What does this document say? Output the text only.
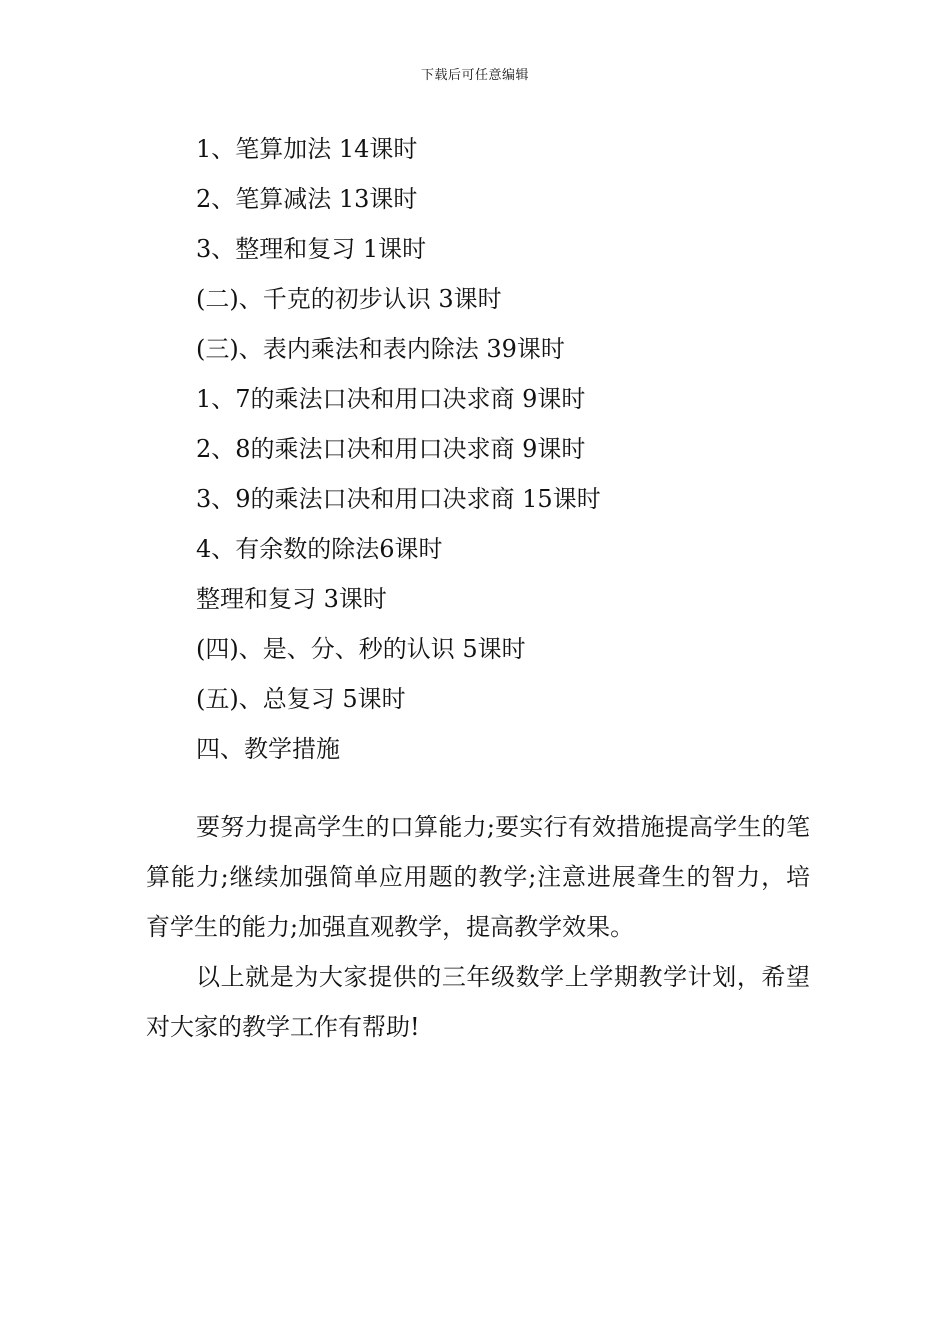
下载后可任意编辑
1、笔算加法 14课时
2、笔算减法 13课时
3、整理和复习 1课时
(二)、千克的初步认识 3课时
(三)、表内乘法和表内除法 39课时
1、7的乘法口决和用口决求商 9课时
2、8的乘法口决和用口决求商 9课时
3、9的乘法口决和用口决求商 15课时
4、有余数的除法6课时
整理和复习 3课时
(四)、是、分、秒的认识 5课时
(五)、总复习 5课时
四、教学措施

要努力提高学生的口算能力;要实行有效措施提高学生的笔算能力;继续加强简单应用题的教学;注意进展聋生的智力，培育学生的能力;加强直观教学，提高教学效果。

以上就是为大家提供的三年级数学上学期教学计划，希望对大家的教学工作有帮助!
